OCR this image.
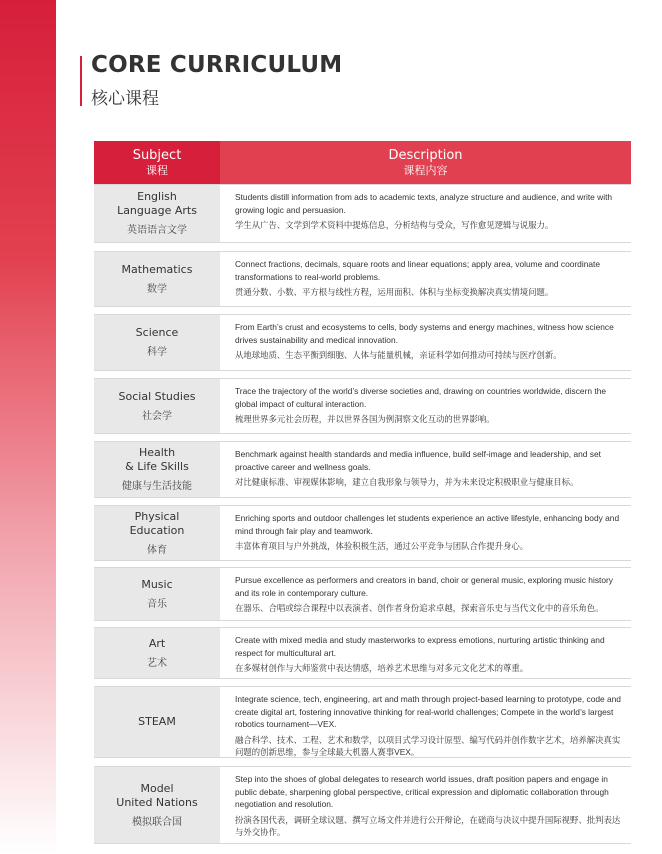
CORE CURRICULUM
核心课程
Subject
课程
Description
课程内容
English
Language Arts
英语语言文学
Students distill information from ads to academic texts, analyze structure and audience, and write with growing logic and persuasion.
学生从广告、文学到学术资料中提炼信息，分析结构与受众，写作愈见逻辑与说服力。
Mathematics
数学
Connect fractions, decimals, square roots and linear equations; apply area, volume and coordinate transformations to real-world problems.
贯通分数、小数、平方根与线性方程，运用面积、体积与坐标变换解决真实情境问题。
Science
科学
From Earth’s crust and ecosystems to cells, body systems and energy machines, witness how science drives sustainability and medical innovation.
从地球地质、生态平衡到细胞、人体与能量机械，亲证科学如何推动可持续与医疗创新。
Social Studies
社会学
Trace the trajectory of the world’s diverse societies and, drawing on countries worldwide, discern the global impact of cultural interaction.
梳理世界多元社会历程，并以世界各国为例洞察文化互动的世界影响。
Health
& Life Skills
健康与生活技能
Benchmark against health standards and media influence, build self-image and leadership, and set proactive career and wellness goals.
对比健康标准、审视媒体影响，建立自我形象与领导力，并为未来设定积极职业与健康目标。
Physical
Education
体育
Enriching sports and outdoor challenges let students experience an active lifestyle, enhancing body and mind through fair play and teamwork.
丰富体育项目与户外挑战，体验积极生活，通过公平竞争与团队合作提升身心。
Music
音乐
Pursue excellence as performers and creators in band, choir or general music, exploring music history and its role in contemporary culture.
在器乐、合唱或综合课程中以表演者、创作者身份追求卓越，探索音乐史与当代文化中的音乐角色。
Art
艺术
Create with mixed media and study masterworks to express emotions, nurturing artistic thinking and respect for multicultural art.
在多媒材创作与大师鉴赏中表达情感，培养艺术思维与对多元文化艺术的尊重。
STEAM
Integrate science, tech, engineering, art and math through project-based learning to prototype, code and create digital art, fostering innovative thinking for real-world challenges; Compete in the world’s largest robotics tournament—VEX.
融合科学、技术、工程、艺术和数学，以项目式学习设计原型、编写代码并创作数字艺术，培养解决真实问题的创新思维，参与全球最大机器人赛事VEX。
Model
United Nations
模拟联合国
Step into the shoes of global delegates to research world issues, draft position papers and engage in public debate, sharpening global perspective, critical expression and diplomatic collaboration through negotiation and resolution.
扮演各国代表，调研全球议题、撰写立场文件并进行公开辩论，在磋商与决议中提升国际视野、批判表达与外交协作。
